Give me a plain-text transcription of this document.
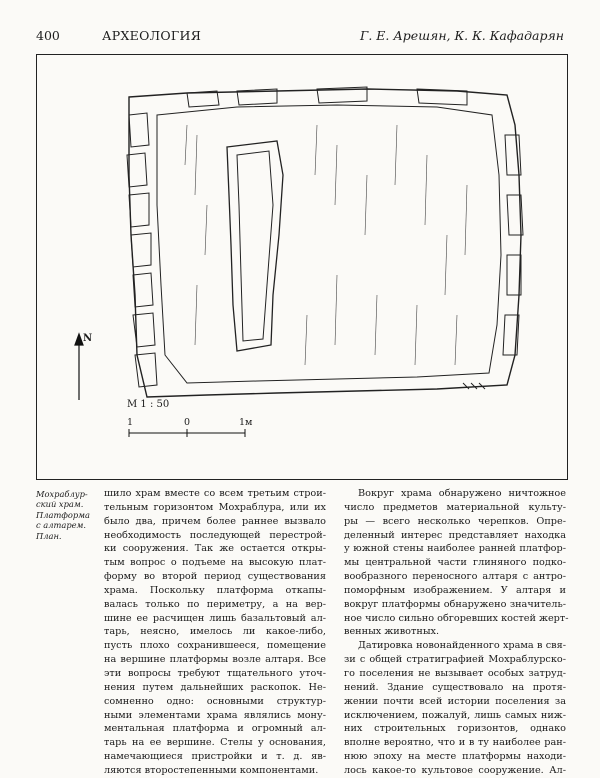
400	АРХЕОЛОГИЯ	Г. Е. Арешян, К. К. Кафадарян
N
М 1 : 50
1	0	1м
Мохраблур-
ский храм.
Платформа
с алтарем.
План.
шило храм вместе со всем третьим строи-
тельным горизонтом Мохраблура, или их
было два, причем более раннее вызвало
необходимость последующей перестрой-
ки сооружения. Так же остается откры-
тым вопрос о подъеме на высокую плат-
форму во второй период существования
храма. Поскольку платформа откапы-
валась только по периметру, а на вер-
шине ее расчищен лишь базальтовый ал-
тарь, неясно, имелось ли какое-либо,
пусть плохо сохранившееся, помещение
на вершине платформы возле алтаря. Все
эти вопросы требуют тщательного уточ-
нения путем дальнейших раскопок. Не-
сомненно одно: основными структур-
ными элементами храма являлись мону-
ментальная платформа и огромный ал-
тарь на ее вершине. Стелы у основания,
намечающиеся пристройки и т. д. яв-
ляются второстепенными компонентами.
Вокруг храма обнаружено ничтожное
число предметов материальной культу-
ры — всего несколько черепков. Опре-
деленный интерес представляет находка
у южной стены наиболее ранней платфор-
мы центральной части глиняного подко-
вообразного переносного алтаря с антро-
поморфным изображением. У алтаря и
вокруг платформы обнаружено значитель-
ное число сильно обгоревших костей жерт-
венных животных.
Датировка новонайденного храма в свя-
зи с общей стратиграфией Мохраблурско-
го поселения не вызывает особых затруд-
нений. Здание существовало на протя-
жении почти всей истории поселения за
исключением, пожалуй, лишь самых ниж-
них строительных горизонтов, однако
вполне вероятно, что и в ту наиболее ран-
нюю эпоху на месте платформы находи-
лось какое-то культовое сооружение. Ал-
